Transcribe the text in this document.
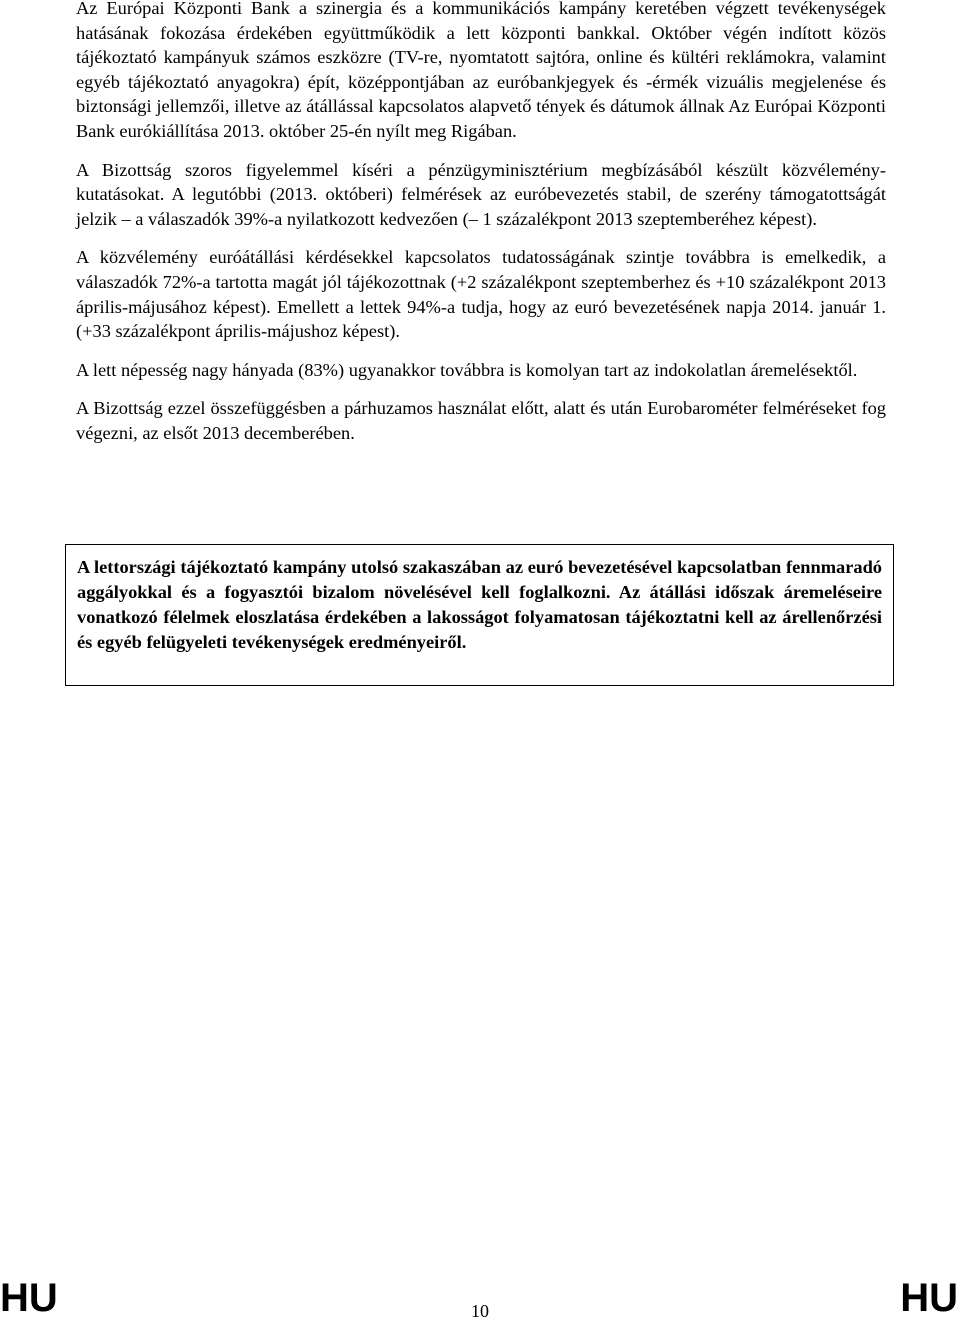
Az Európai Központi Bank a szinergia és a kommunikációs kampány keretében végzett tevékenységek hatásának fokozása érdekében együttműködik a lett központi bankkal. Október végén indított közös tájékoztató kampányuk számos eszközre (TV-re, nyomtatott sajtóra, online és kültéri reklámokra, valamint egyéb tájékoztató anyagokra) épít, középpontjában az euróbankjegyek és -érmék vizuális megjelenése és biztonsági jellemzői, illetve az átállással kapcsolatos alapvető tények és dátumok állnak Az Európai Központi Bank eurókiállítása 2013. október 25-én nyílt meg Rigában.

A Bizottság szoros figyelemmel kíséri a pénzügyminisztérium megbízásából készült közvélemény-kutatásokat. A legutóbbi (2013. októberi) felmérések az euróbevezetés stabil, de szerény támogatottságát jelzik – a válaszadók 39%-a nyilatkozott kedvezően (– 1 százalékpont 2013 szeptemberéhez képest).

A közvélemény euróátállási kérdésekkel kapcsolatos tudatosságának szintje továbbra is emelkedik, a válaszadók 72%-a tartotta magát jól tájékozottnak (+2 százalékpont szeptemberhez és +10 százalékpont 2013 április-májusához képest). Emellett a lettek 94%-a tudja, hogy az euró bevezetésének napja 2014. január 1. (+33 százalékpont április-májushoz képest).

A lett népesség nagy hányada (83%) ugyanakkor továbbra is komolyan tart az indokolatlan áremelésektől.

A Bizottság ezzel összefüggésben a párhuzamos használat előtt, alatt és után Eurobarométer felméréseket fog végezni, az elsőt 2013 decemberében.

A lettországi tájékoztató kampány utolsó szakaszában az euró bevezetésével kapcsolatban fennmaradó aggályokkal és a fogyasztói bizalom növelésével kell foglalkozni. Az átállási időszak áremeléseire vonatkozó félelmek eloszlatása érdekében a lakosságot folyamatosan tájékoztatni kell az árellenőrzési és egyéb felügyeleti tevékenységek eredményeiről.

HU	10	HU
